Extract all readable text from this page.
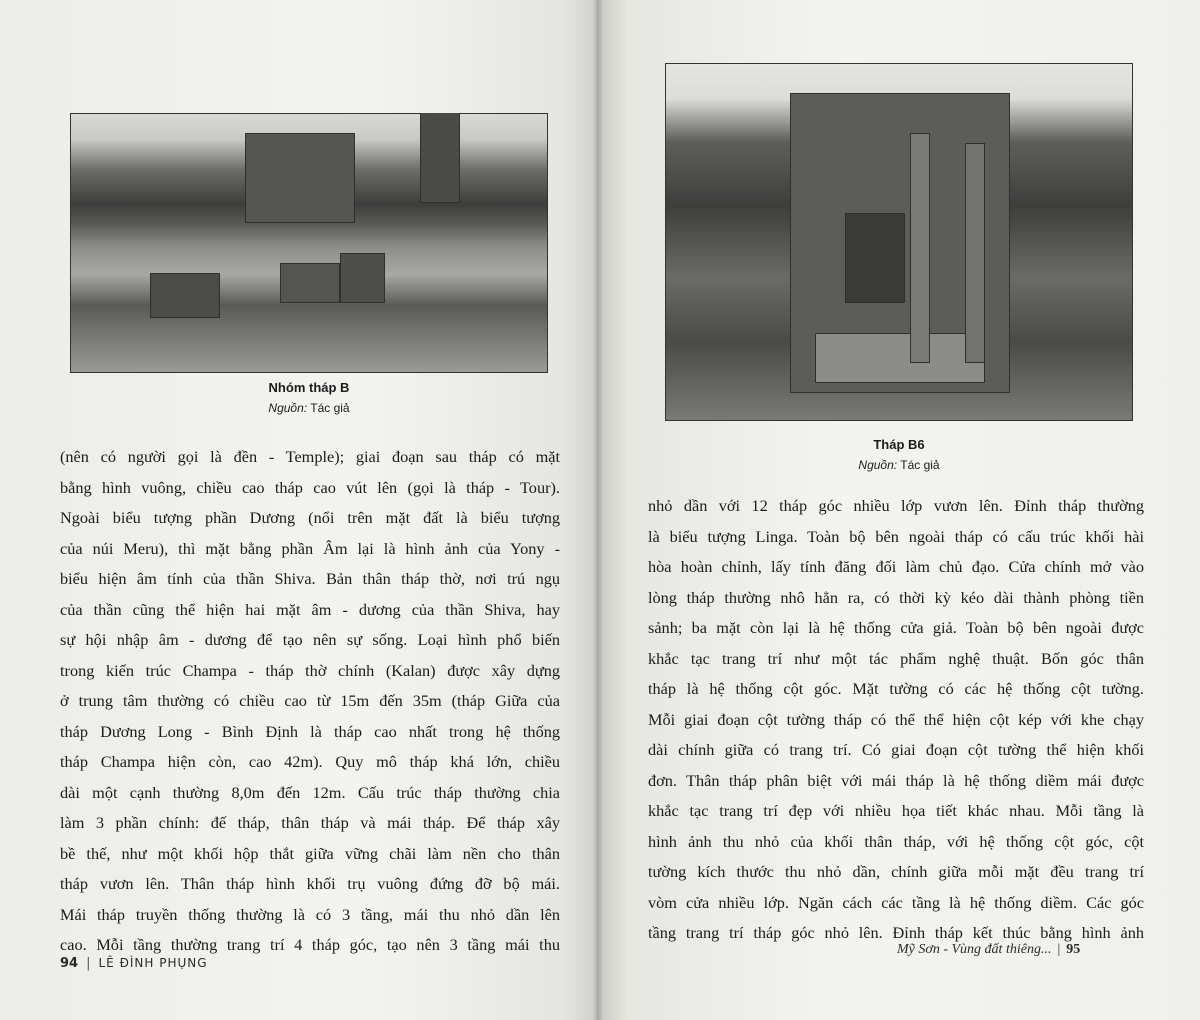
Nhóm tháp B
Nguồn: Tác giả
(nên có người gọi là đền - Temple); giai đoạn sau tháp có mặt
bằng hình vuông, chiều cao tháp cao vút lên (gọi là tháp - Tour).
Ngoài biểu tượng phần Dương (nổi trên mặt đất là biểu tượng
của núi Meru), thì mặt bằng phần Âm lại là hình ảnh của Yony -
biểu hiện âm tính của thần Shiva. Bản thân tháp thờ, nơi trú ngụ
của thần cũng thể hiện hai mặt âm - dương của thần Shiva, hay
sự hội nhập âm - dương để tạo nên sự sống. Loại hình phổ biến
trong kiến trúc Champa - tháp thờ chính (Kalan) được xây dựng
ở trung tâm thường có chiều cao từ 15m đến 35m (tháp Giữa của
tháp Dương Long - Bình Định là tháp cao nhất trong hệ thống
tháp Champa hiện còn, cao 42m). Quy mô tháp khá lớn, chiều
dài một cạnh thường 8,0m đến 12m. Cấu trúc tháp thường chia
làm 3 phần chính: đế tháp, thân tháp và mái tháp. Để tháp xây
bề thế, như một khối hộp thắt giữa vững chãi làm nền cho thân
tháp vươn lên. Thân tháp hình khối trụ vuông đứng đỡ bộ mái.
Mái tháp truyền thống thường là có 3 tầng, mái thu nhỏ dần lên
cao. Mỗi tầng thường trang trí 4 tháp góc, tạo nên 3 tầng mái thu
94 | LÊ ĐÌNH PHỤNG
Tháp B6
Nguồn: Tác giả
nhỏ dần với 12 tháp góc nhiều lớp vươn lên. Đỉnh tháp thường
là biểu tượng Linga. Toàn bộ bên ngoài tháp có cấu trúc khối hài
hòa hoàn chỉnh, lấy tính đăng đối làm chủ đạo. Cửa chính mở vào
lòng tháp thường nhô hẳn ra, có thời kỳ kéo dài thành phòng tiền
sảnh; ba mặt còn lại là hệ thống cửa giả. Toàn bộ bên ngoài được
khắc tạc trang trí như một tác phẩm nghệ thuật. Bốn góc thân
tháp là hệ thống cột góc. Mặt tường có các hệ thống cột tường.
Mỗi giai đoạn cột tường tháp có thể thể hiện cột kép với khe chạy
dài chính giữa có trang trí. Có giai đoạn cột tường thể hiện khối
đơn. Thân tháp phân biệt với mái tháp là hệ thống diềm mái được
khắc tạc trang trí đẹp với nhiều họa tiết khác nhau. Mỗi tầng là
hình ảnh thu nhỏ của khối thân tháp, với hệ thống cột góc, cột
tường kích thước thu nhỏ dần, chính giữa mỗi mặt đều trang trí
vòm cửa nhiều lớp. Ngăn cách các tầng là hệ thống diềm. Các góc
tầng trang trí tháp góc nhỏ lên. Đỉnh tháp kết thúc bằng hình ảnh
Mỹ Sơn - Vùng đất thiêng... | 95
